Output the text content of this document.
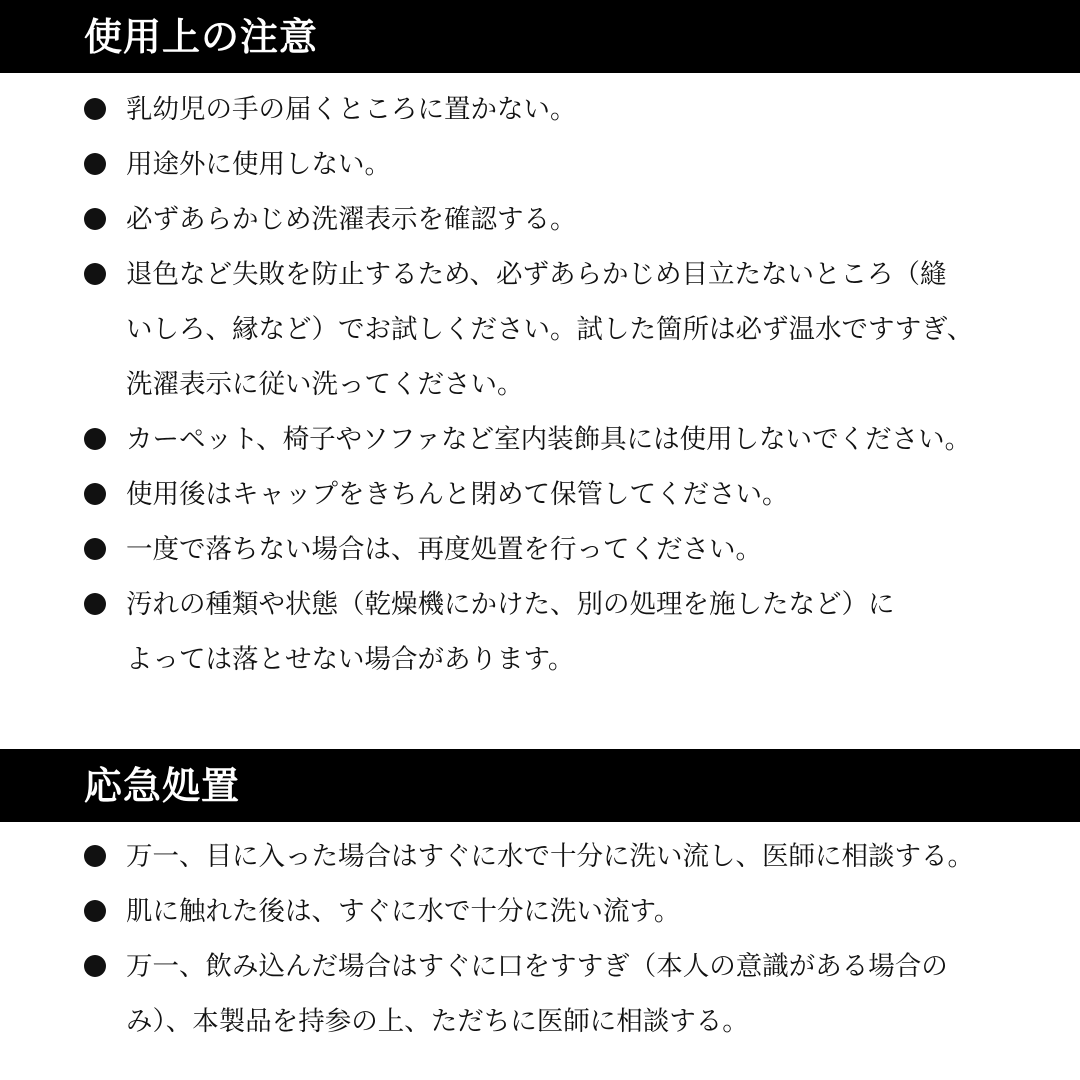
使用上の注意
乳幼児の手の届くところに置かない。
用途外に使用しない。
必ずあらかじめ洗濯表示を確認する。
退色など失敗を防止するため、必ずあらかじめ目立たないところ（縫
いしろ、縁など）でお試しください。試した箇所は必ず温水ですすぎ、
洗濯表示に従い洗ってください。
カーペット、椅子やソファなど室内装飾具には使用しないでください。
使用後はキャップをきちんと閉めて保管してください。
一度で落ちない場合は、再度処置を行ってください。
汚れの種類や状態（乾燥機にかけた、別の処理を施したなど）に
よっては落とせない場合があります。
応急処置
万一、目に入った場合はすぐに水で十分に洗い流し、医師に相談する。
肌に触れた後は、すぐに水で十分に洗い流す。
万一、飲み込んだ場合はすぐに口をすすぎ（本人の意識がある場合の
み）、本製品を持参の上、ただちに医師に相談する。
